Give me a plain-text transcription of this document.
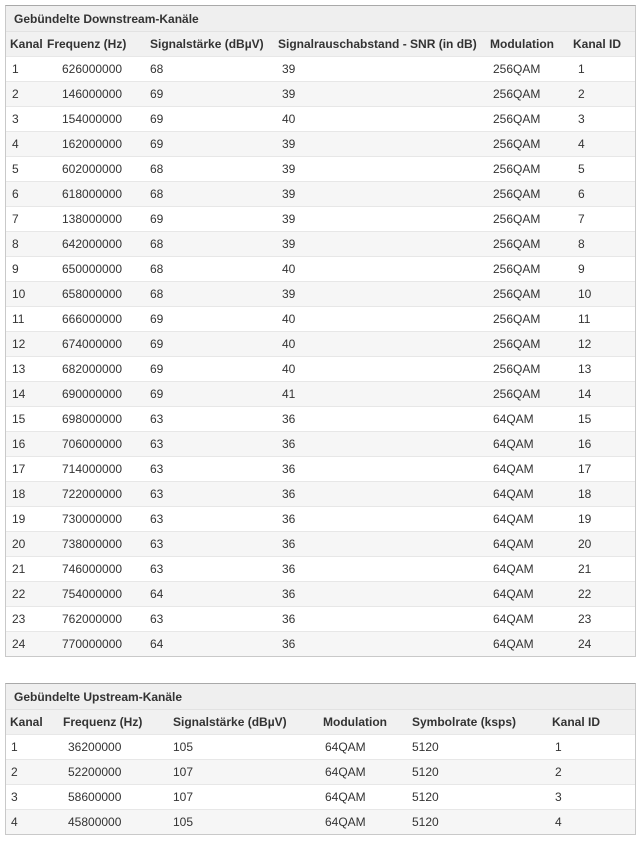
Gebündelte Downstream-Kanäle					
Kanal	Frequenz (Hz)	Signalstärke (dBµV)	Signalrauschabstand - SNR (in dB)	Modulation	Kanal ID
1	626000000	68	39	256QAM	1
2	146000000	69	39	256QAM	2
3	154000000	69	40	256QAM	3
4	162000000	69	39	256QAM	4
5	602000000	68	39	256QAM	5
6	618000000	68	39	256QAM	6
7	138000000	69	39	256QAM	7
8	642000000	68	39	256QAM	8
9	650000000	68	40	256QAM	9
10	658000000	68	39	256QAM	10
11	666000000	69	40	256QAM	11
12	674000000	69	40	256QAM	12
13	682000000	69	40	256QAM	13
14	690000000	69	41	256QAM	14
15	698000000	63	36	64QAM	15
16	706000000	63	36	64QAM	16
17	714000000	63	36	64QAM	17
18	722000000	63	36	64QAM	18
19	730000000	63	36	64QAM	19
20	738000000	63	36	64QAM	20
21	746000000	63	36	64QAM	21
22	754000000	64	36	64QAM	22
23	762000000	63	36	64QAM	23
24	770000000	64	36	64QAM	24
Gebündelte Upstream-Kanäle					
Kanal	Frequenz (Hz)	Signalstärke (dBµV)	Modulation	Symbolrate (ksps)	Kanal ID
1	36200000	105	64QAM	5120	1
2	52200000	107	64QAM	5120	2
3	58600000	107	64QAM	5120	3
4	45800000	105	64QAM	5120	4
